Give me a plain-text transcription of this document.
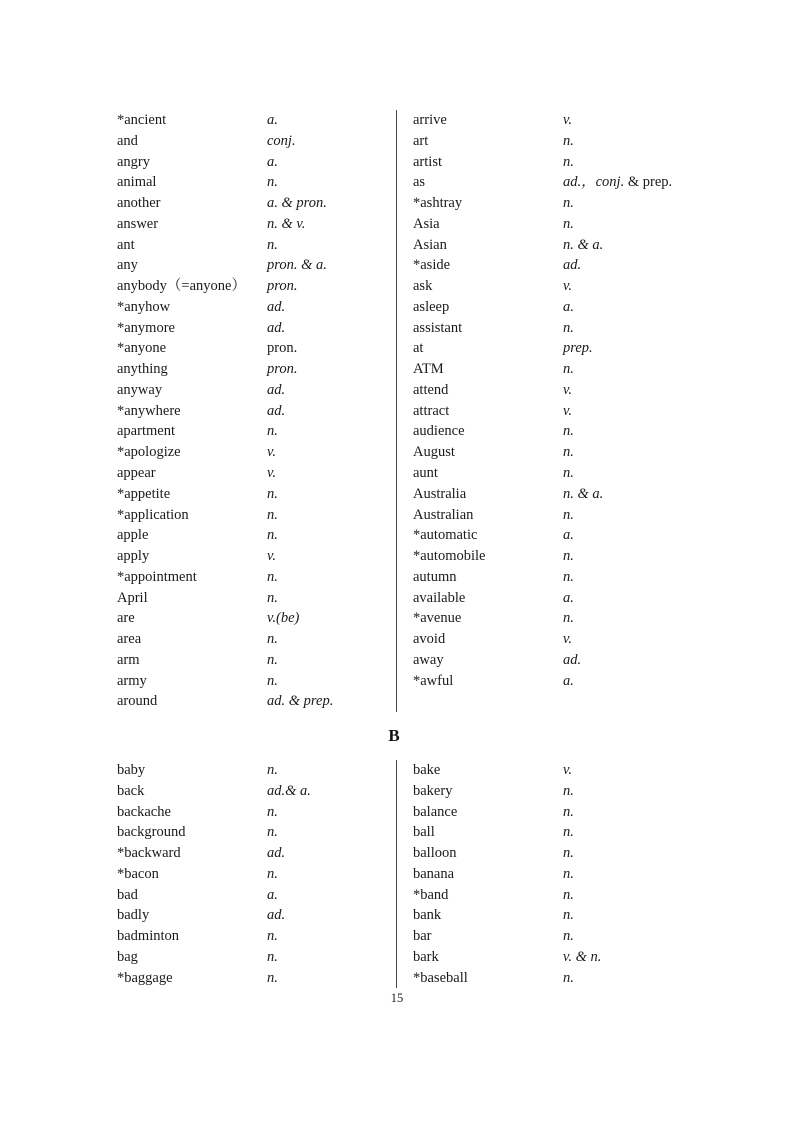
*ancient	a.
and	conj.
angry	a.
animal	n.
another	a. & pron.
answer	n. & v.
ant	n.
any	pron. & a.
anybody（=anyone） pron.
*anyhow	ad.
*anymore	ad.
*anyone	pron.
anything	pron.
anyway	ad.
*anywhere	ad.
apartment	n.
*apologize	v.
appear	v.
*appetite	n.
*application	n.
apple	n.
apply	v.
*appointment	n.
April	n.
are	v.(be)
area	n.
arm	n.
army	n.
around	ad. & prep.
arrive	v.
art	n.
artist	n.
as	ad.，conj. & prep.
*ashtray	n.
Asia	n.
Asian	n. & a.
*aside	ad.
ask	v.
asleep	a.
assistant	n.
at	prep.
ATM	n.
attend	v.
attract	v.
audience	n.
August	n.
aunt	n.
Australia	n. & a.
Australian	n.
*automatic	a.
*automobile	n.
autumn	n.
available	a.
*avenue	n.
avoid	v.
away	ad.
*awful	a.
B
baby	n.
back	ad.& a.
backache	n.
background	n.
*backward	ad.
*bacon	n.
bad	a.
badly	ad.
badminton	n.
bag	n.
*baggage	n.
bake	v.
bakery	n.
balance	n.
ball	n.
balloon	n.
banana	n.
*band	n.
bank	n.
bar	n.
bark	v. & n.
*baseball	n.
15
